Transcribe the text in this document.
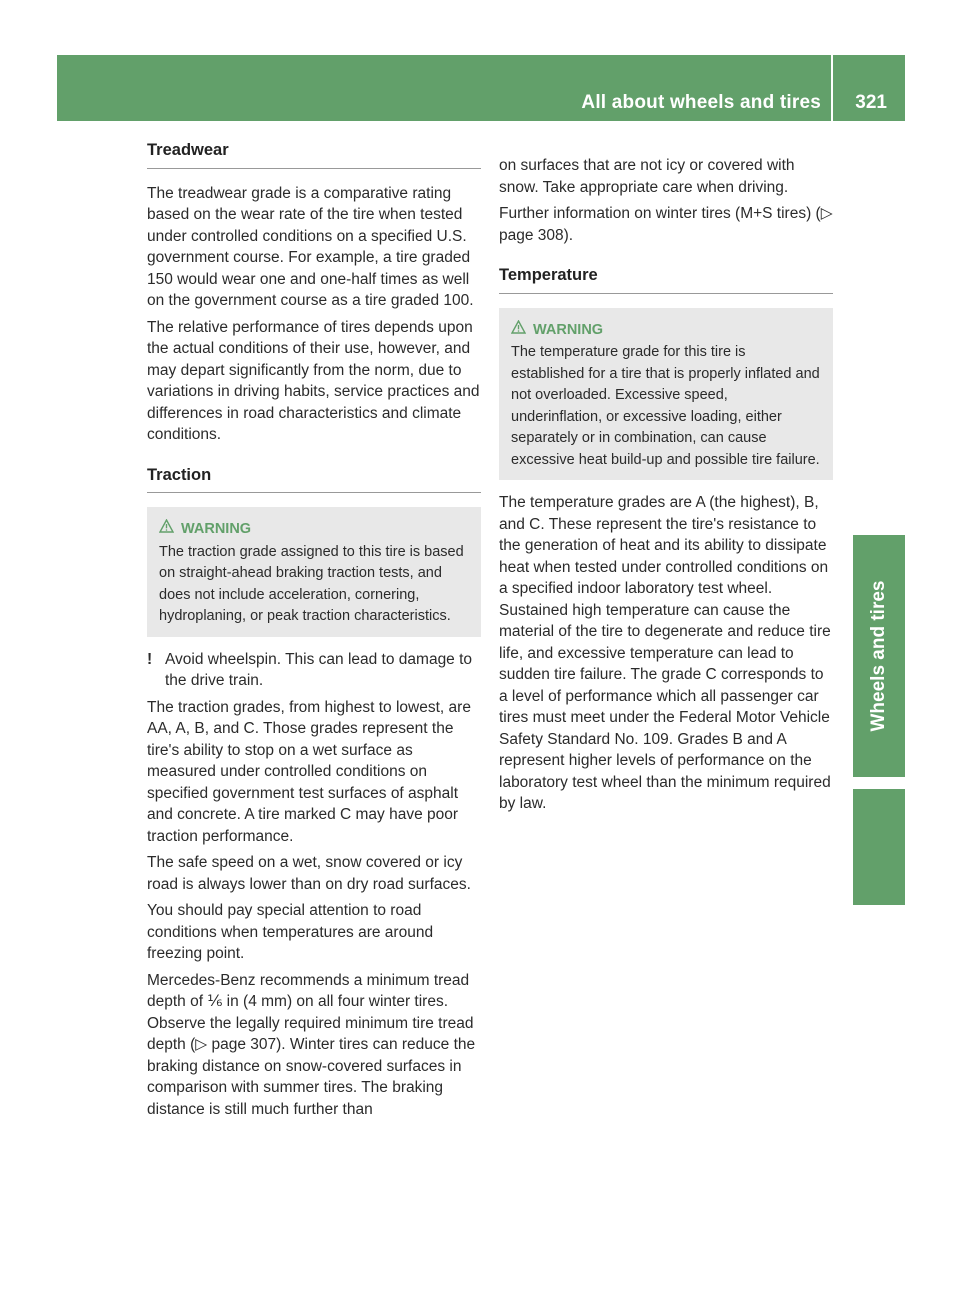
All about wheels and tires 321
Wheels and tires
Treadwear

The treadwear grade is a comparative rating based on the wear rate of the tire when tested under controlled conditions on a specified U.S. government course. For example, a tire graded 150 would wear one and one-half times as well on the government course as a tire graded 100.

The relative performance of tires depends upon the actual conditions of their use, however, and may depart significantly from the norm, due to variations in driving habits, service practices and differences in road characteristics and climate conditions.

Traction
WARNING
The traction grade assigned to this tire is based on straight-ahead braking traction tests, and does not include acceleration, cornering, hydroplaning, or peak traction characteristics.
! Avoid wheelspin. This can lead to damage to the drive train.

The traction grades, from highest to lowest, are AA, A, B, and C. Those grades represent the tire's ability to stop on a wet surface as measured under controlled conditions on specified government test surfaces of asphalt and concrete. A tire marked C may have poor traction performance.

The safe speed on a wet, snow covered or icy road is always lower than on dry road surfaces.

You should pay special attention to road conditions when temperatures are around freezing point.

Mercedes-Benz recommends a minimum tread depth of ⅙ in (4 mm) on all four winter tires. Observe the legally required minimum tire tread depth (▷ page 307). Winter tires can reduce the braking distance on snow-covered surfaces in comparison with summer tires. The braking distance is still much further than

on surfaces that are not icy or covered with snow. Take appropriate care when driving.

Further information on winter tires (M+S tires) (▷ page 308).

Temperature
WARNING
The temperature grade for this tire is established for a tire that is properly inflated and not overloaded. Excessive speed, underinflation, or excessive loading, either separately or in combination, can cause excessive heat build-up and possible tire failure.

The temperature grades are A (the highest), B, and C. These represent the tire's resistance to the generation of heat and its ability to dissipate heat when tested under controlled conditions on a specified indoor laboratory test wheel. Sustained high temperature can cause the material of the tire to degenerate and reduce tire life, and excessive temperature can lead to sudden tire failure. The grade C corresponds to a level of performance which all passenger car tires must meet under the Federal Motor Vehicle Safety Standard No. 109. Grades B and A represent higher levels of performance on the laboratory test wheel than the minimum required by law.
